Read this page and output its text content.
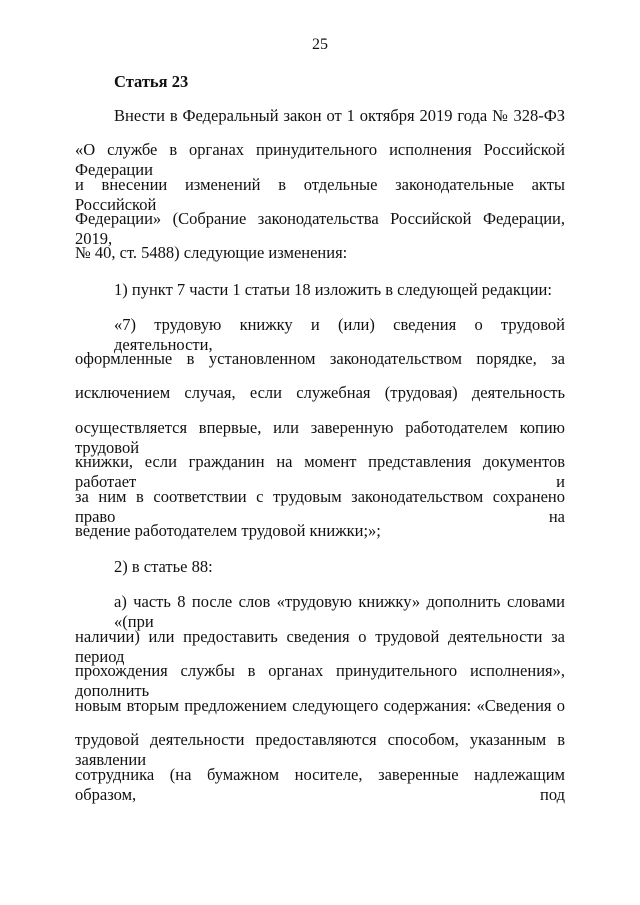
25
Статья 23
Внести в Федеральный закон от 1 октября 2019 года № 328-ФЗ
«О службе в органах принудительного исполнения Российской Федерации
и внесении изменений в отдельные законодательные акты Российской
Федерации» (Собрание законодательства Российской Федерации, 2019,
№ 40, ст. 5488) следующие изменения:
1) пункт 7 части 1 статьи 18 изложить в следующей редакции:
«7) трудовую книжку и (или) сведения о трудовой деятельности,
оформленные в установленном законодательством порядке, за
исключением случая, если служебная (трудовая) деятельность
осуществляется впервые, или заверенную работодателем копию трудовой
книжки, если гражданин на момент представления документов работает и
за ним в соответствии с трудовым законодательством сохранено право на
ведение работодателем трудовой книжки;»;
2) в статье 88:
а) часть 8 после слов «трудовую книжку» дополнить словами «(при
наличии) или предоставить сведения о трудовой деятельности за период
прохождения службы в органах принудительного исполнения», дополнить
новым вторым предложением следующего содержания: «Сведения о
трудовой деятельности предоставляются способом, указанным в заявлении
сотрудника (на бумажном носителе, заверенные надлежащим образом, под
